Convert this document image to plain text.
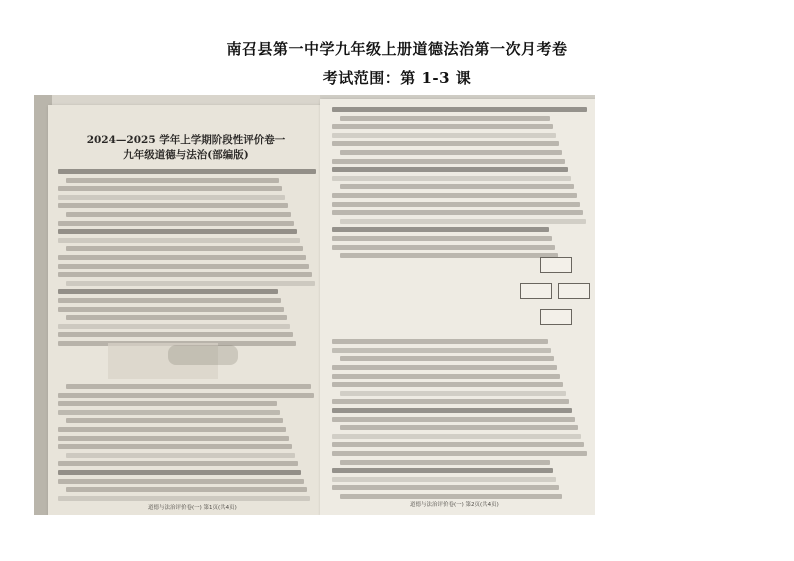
南召县第一中学九年级上册道德法治第一次月考卷
考试范围：第 1-3 课
2024—2025 学年上学期阶段性评价卷一
九年级道德与法治(部编版)
道德与法治评价卷(一) 第1页(共4页)	道德与法治评价卷(一) 第2页(共4页)
